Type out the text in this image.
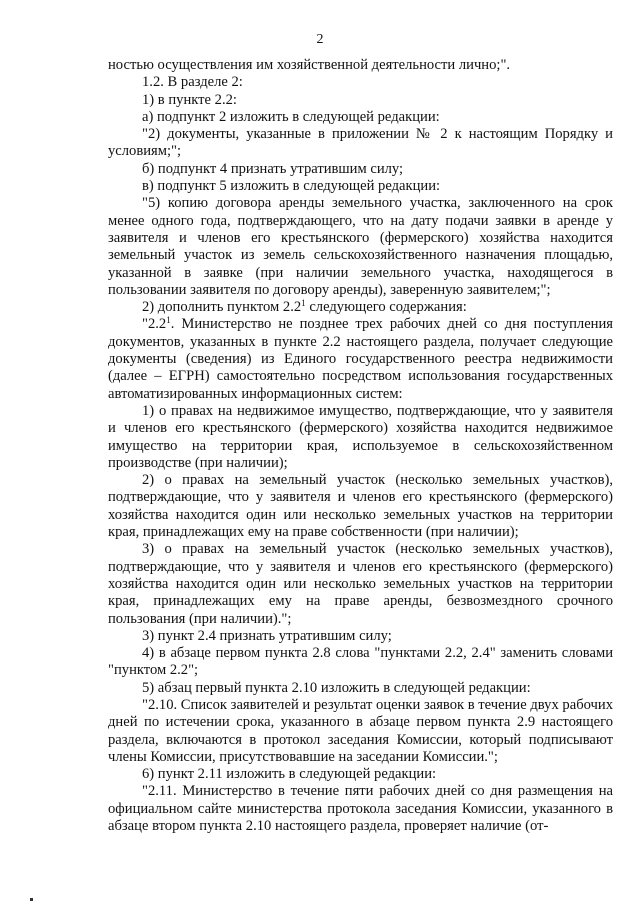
2

ностью осуществления им хозяйственной деятельности лично;".

1.2. В разделе 2:

1) в пункте 2.2:

а) подпункт 2 изложить в следующей редакции:

"2) документы, указанные в приложении № 2 к настоящим Порядку и условиям;";

б) подпункт 4 признать утратившим силу;

в) подпункт 5 изложить в следующей редакции:

"5) копию договора аренды земельного участка, заключенного на срок менее одного года, подтверждающего, что на дату подачи заявки в аренде у заявителя и членов его крестьянского (фермерского) хозяйства находится земельный участок из земель сельскохозяйственного назначения площадью, указанной в заявке (при наличии земельного участка, находящегося в пользовании заявителя по договору аренды), заверенную заявителем;";

2) дополнить пунктом $2.2^1$ следующего содержания:

"$2.2^1$. Министерство не позднее трех рабочих дней со дня поступления документов, указанных в пункте 2.2 настоящего раздела, получает следующие документы (сведения) из Единого государственного реестра недвижимости (далее – ЕГРН) самостоятельно посредством использования государственных автоматизированных информационных систем:

1) о правах на недвижимое имущество, подтверждающие, что у заявителя и членов его крестьянского (фермерского) хозяйства находится недвижимое имущество на территории края, используемое в сельскохозяйственном производстве (при наличии);

2) о правах на земельный участок (несколько земельных участков), подтверждающие, что у заявителя и членов его крестьянского (фермерского) хозяйства находится один или несколько земельных участков на территории края, принадлежащих ему на праве собственности (при наличии);

3) о правах на земельный участок (несколько земельных участков), подтверждающие, что у заявителя и членов его крестьянского (фермерского) хозяйства находится один или несколько земельных участков на территории края, принадлежащих ему на праве аренды, безвозмездного срочного пользования (при наличии).";

3) пункт 2.4 признать утратившим силу;

4) в абзаце первом пункта 2.8 слова "пунктами 2.2, 2.4" заменить словами "пунктом 2.2";

5) абзац первый пункта 2.10 изложить в следующей редакции:

"2.10. Список заявителей и результат оценки заявок в течение двух рабочих дней по истечении срока, указанного в абзаце первом пункта 2.9 настоящего раздела, включаются в протокол заседания Комиссии, который подписывают члены Комиссии, присутствовавшие на заседании Комиссии.";

6) пункт 2.11 изложить в следующей редакции:

"2.11. Министерство в течение пяти рабочих дней со дня размещения на официальном сайте министерства протокола заседания Комиссии, указанного в абзаце втором пункта 2.10 настоящего раздела, проверяет наличие (от-
